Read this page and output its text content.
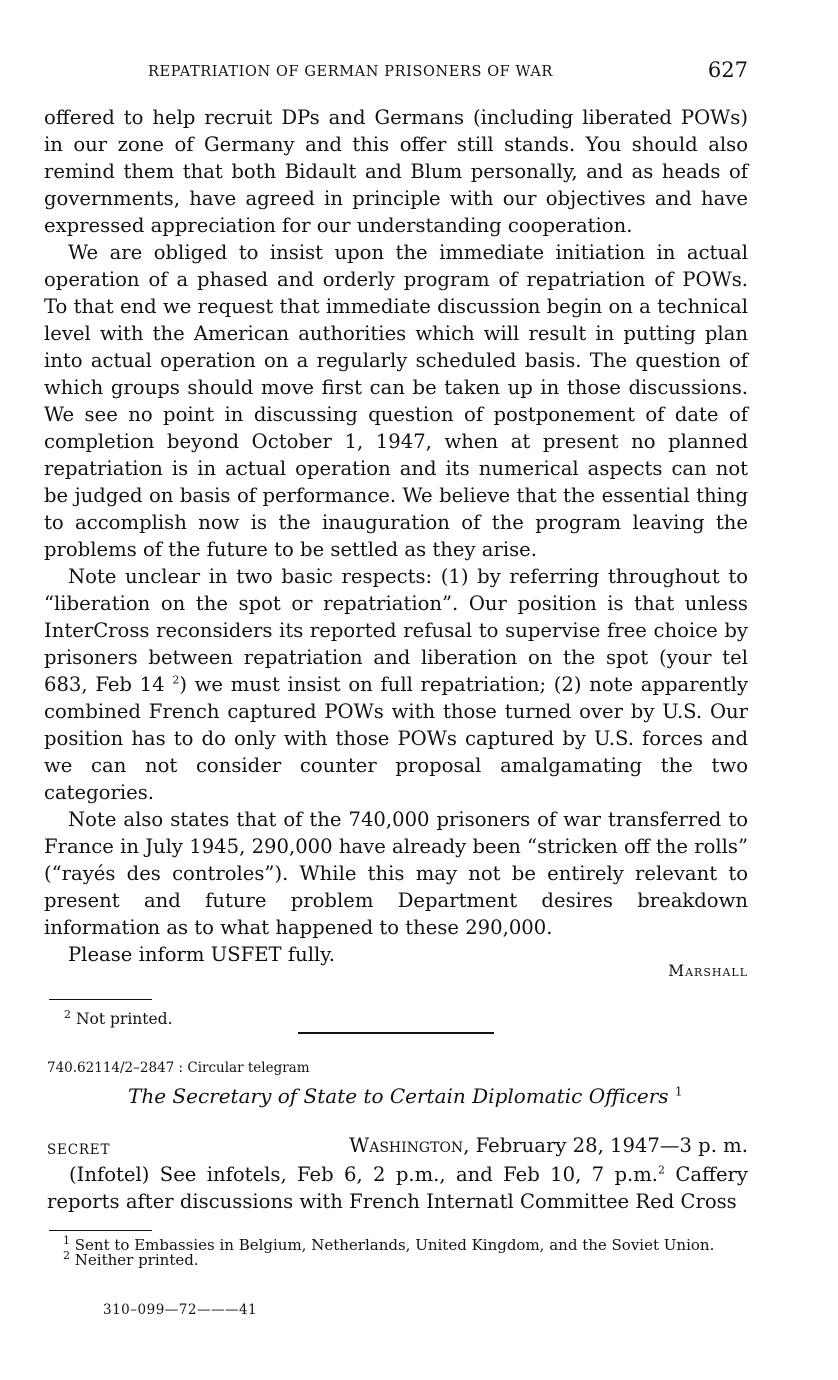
REPATRIATION OF GERMAN PRISONERS OF WAR	627

offered to help recruit DPs and Germans (including liberated POWs) in our zone of Germany and this offer still stands. You should also remind them that both Bidault and Blum personally, and as heads of governments, have agreed in principle with our objectives and have expressed appreciation for our understanding cooperation.

We are obliged to insist upon the immediate initiation in actual operation of a phased and orderly program of repatriation of POWs. To that end we request that immediate discussion begin on a technical level with the American authorities which will result in putting plan into actual operation on a regularly scheduled basis. The question of which groups should move first can be taken up in those discussions. We see no point in discussing question of postponement of date of completion beyond October 1, 1947, when at present no planned repatriation is in actual operation and its numerical aspects can not be judged on basis of performance. We believe that the essential thing to accomplish now is the inauguration of the program leaving the problems of the future to be settled as they arise.

Note unclear in two basic respects: (1) by referring throughout to “liberation on the spot or repatriation”. Our position is that unless InterCross reconsiders its reported refusal to supervise free choice by prisoners between repatriation and liberation on the spot (your tel 683, Feb 14 $^2$) we must insist on full repatriation; (2) note apparently combined French captured POWs with those turned over by U.S. Our position has to do only with those POWs captured by U.S. forces and we can not consider counter proposal amalgamating the two categories.

Note also states that of the 740,000 prisoners of war transferred to France in July 1945, 290,000 have already been “stricken off the rolls” (“rayés des controles”). While this may not be entirely relevant to present and future problem Department desires breakdown information as to what happened to these 290,000.

Please inform USFET fully.

Marshall
$^2$ Not printed.
740.62114/2–2847 : Circular telegram
The Secretary of State to Certain Diplomatic Officers $^1$
SECRET	Washington, February 28, 1947—3 p. m.

(Infotel) See infotels, Feb 6, 2 p.m., and Feb 10, 7 p.m.$^2$ Caffery reports after discussions with French Internatl Committee Red Cross

$^1$ Sent to Embassies in Belgium, Netherlands, United Kingdom, and the Soviet Union.

$^2$ Neither printed.

310–099—72———41
